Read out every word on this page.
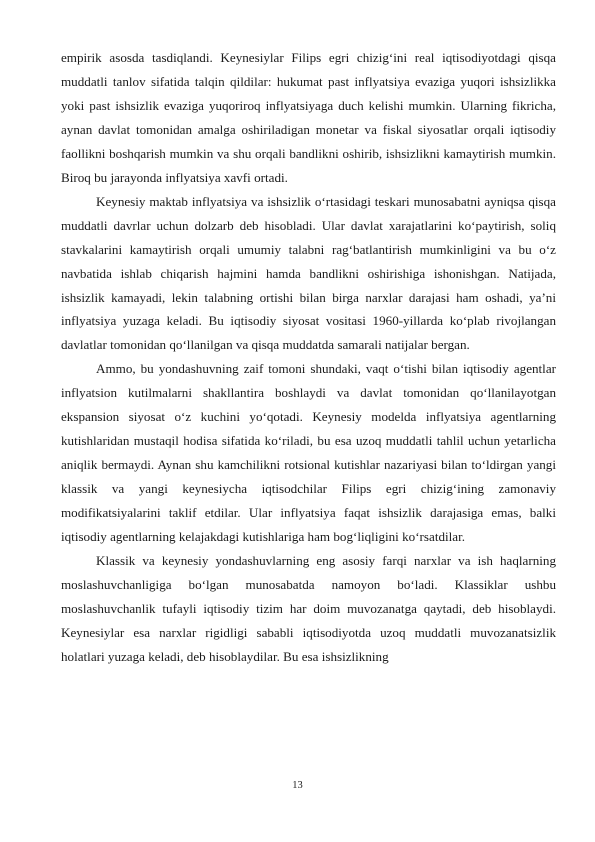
empirik asosda tasdiqlandi. Keynesiylar Filips egri chizig‘ini real iqtisodiyotdagi qisqa muddatli tanlov sifatida talqin qildilar: hukumat past inflyatsiya evaziga yuqori ishsizlikka yoki past ishsizlik evaziga yuqoriroq inflyatsiyaga duch kelishi mumkin. Ularning fikricha, aynan davlat tomonidan amalga oshiriladigan monetar va fiskal siyosatlar orqali iqtisodiy faollikni boshqarish mumkin va shu orqali bandlikni oshirib, ishsizlikni kamaytirish mumkin. Biroq bu jarayonda inflyatsiya xavfi ortadi.

Keynesiy maktab inflyatsiya va ishsizlik o‘rtasidagi teskari munosabatni ayniqsa qisqa muddatli davrlar uchun dolzarb deb hisobladi. Ular davlat xarajatlarini ko‘paytirish, soliq stavkalarini kamaytirish orqali umumiy talabni rag‘batlantirish mumkinligini va bu o‘z navbatida ishlab chiqarish hajmini hamda bandlikni oshirishiga ishonishgan. Natijada, ishsizlik kamayadi, lekin talabning ortishi bilan birga narxlar darajasi ham oshadi, ya’ni inflyatsiya yuzaga keladi. Bu iqtisodiy siyosat vositasi 1960-yillarda ko‘plab rivojlangan davlatlar tomonidan qo‘llanilgan va qisqa muddatda samarali natijalar bergan.

Ammo, bu yondashuvning zaif tomoni shundaki, vaqt o‘tishi bilan iqtisodiy agentlar inflyatsion kutilmalarni shakllantira boshlaydi va davlat tomonidan qo‘llanilayotgan ekspansion siyosat o‘z kuchini yo‘qotadi. Keynesiy modelda inflyatsiya agentlarning kutishlaridan mustaqil hodisa sifatida ko‘riladi, bu esa uzoq muddatli tahlil uchun yetarlicha aniqlik bermaydi. Aynan shu kamchilikni rotsional kutishlar nazariyasi bilan to‘ldirgan yangi klassik va yangi keynesiycha iqtisodchilar Filips egri chizig‘ining zamonaviy modifikatsiyalarini taklif etdilar. Ular inflyatsiya faqat ishsizlik darajasiga emas, balki iqtisodiy agentlarning kelajakdagi kutishlariga ham bog‘liqligini ko‘rsatdilar.

Klassik va keynesiy yondashuvlarning eng asosiy farqi narxlar va ish haqlarning moslashuvchanligiga bo‘lgan munosabatda namoyon bo‘ladi. Klassiklar ushbu moslashuvchanlik tufayli iqtisodiy tizim har doim muvozanatga qaytadi, deb hisoblaydi. Keynesiylar esa narxlar rigidligi sababli iqtisodiyotda uzoq muddatli muvozanatsizlik holatlari yuzaga keladi, deb hisoblaydilar. Bu esa ishsizlikning

13
